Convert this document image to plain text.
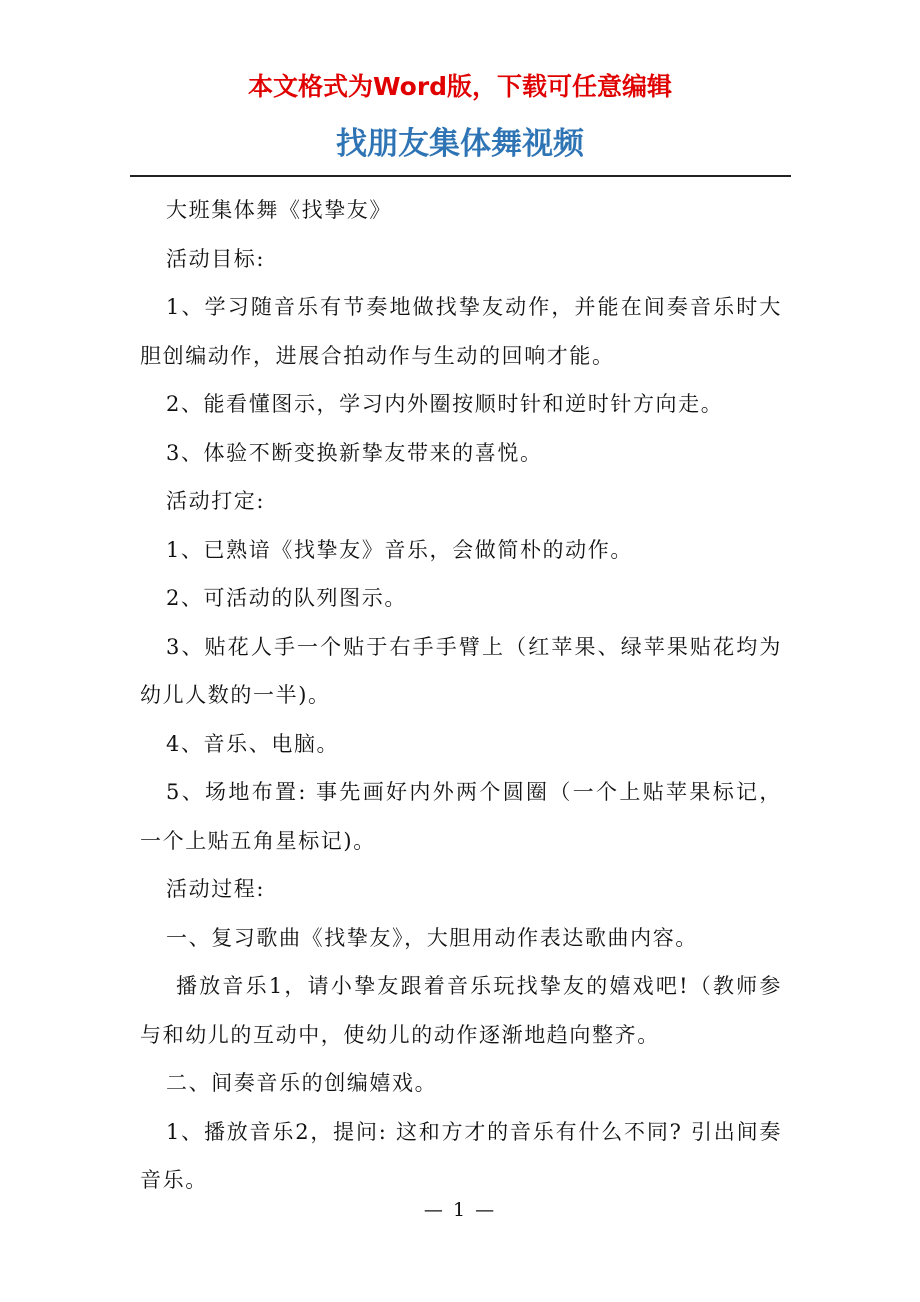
本文格式为Word版，下载可任意编辑
找朋友集体舞视频

大班集体舞《找挚友》

活动目标:

1、学习随音乐有节奏地做找挚友动作，并能在间奏音乐时大胆创编动作，进展合拍动作与生动的回响才能。

2、能看懂图示，学习内外圈按顺时针和逆时针方向走。

3、体验不断变换新挚友带来的喜悦。

活动打定:

1、已熟谙《找挚友》音乐，会做简朴的动作。

2、可活动的队列图示。

3、贴花人手一个贴于右手手臂上（红苹果、绿苹果贴花均为幼儿人数的一半)。

4、音乐、电脑。

5、场地布置: 事先画好内外两个圆圈（一个上贴苹果标记，一个上贴五角星标记)。

活动过程:

一、复习歌曲《找挚友》，大胆用动作表达歌曲内容。

播放音乐1，请小挚友跟着音乐玩找挚友的嬉戏吧!（教师参与和幼儿的互动中，使幼儿的动作逐渐地趋向整齐。

二、间奏音乐的创编嬉戏。

1、播放音乐2，提问: 这和方才的音乐有什么不同? 引出间奏音乐。

— 1 —
